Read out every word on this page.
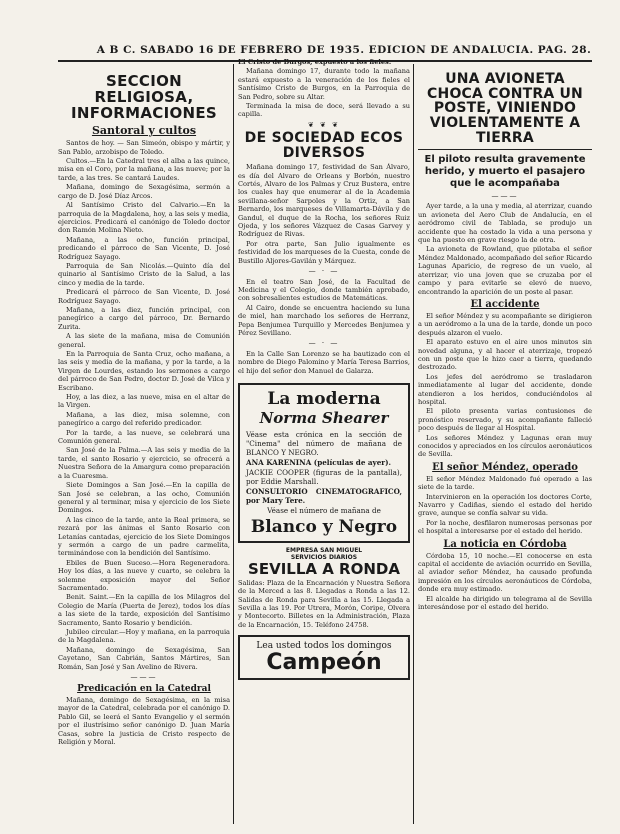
A B C. SABADO 16 DE FEBRERO DE 1935. EDICION DE ANDALUCIA. PAG. 28.
SECCION RELIGIOSA, INFORMACIONES
Santoral y cultos

Santos de hoy. — San Simeón, obispo y mártir, y San Pablo, arzobispo de Toledo.

Cultos.—En la Catedral tres el alba a las quince, misa en el Coro, por la mañana, a las nueve; por la tarde, a las tres. Se cantará Laudes.

Mañana, domingo de Sexagésima, sermón a cargo de D. José Díaz Arcos.

Al Santísimo Cristo del Calvario.—En la parroquia de la Magdalena, hoy, a las seis y media, ejercicios. Predicará el canónigo de Toledo doctor don Ramón Molina Nieto.

Mañana, a las ocho, función principal, predicando el párroco de San Vicente, D. José Rodríguez Sayago.

Parroquia de San Nicolás.—Quinto día del quinario al Santísimo Cristo de la Salud, a las cinco y media de la tarde.

Predicará el párroco de San Vicente, D. José Rodríguez Sayago.

Mañana, a las diez, función principal, con panegírico a cargo del párroco, Dr. Bernardo Zurita.

A las siete de la mañana, misa de Comunión general.

En la Parroquia de Santa Cruz, ocho mañana, a las seis y media de la mañana, y por la tarde, a la Virgen de Lourdes, estando los sermones a cargo del párroco de San Pedro, doctor D. José de Vilca y Escribano.

Hoy, a las diez, a las nueve, misa en el altar de la Virgen.

Mañana, a las diez, misa solemne, con panegírico a cargo del referido predicador.

Por la tarde, a las nueve, se celebrará una Comunión general.

San José de la Palma.—A las seis y media de la tarde, el santo Rosario y ejercicio, se ofrecerá a Nuestra Señora de la Amargura como preparación a la Cuaresma.

Siete Domingos a San José.—En la capilla de San José se celebran, a las ocho, Comunión general y al terminar, misa y ejercicio de los Siete Domingos.

A las cinco de la tarde, ante la Real primera, se rezará por las ánimas el Santo Rosario con Letanías cantadas, ejercicio de los Siete Domingos y sermón a cargo de un padre carmelita, terminándose con la bendición del Santísimo.

Ebiles de Buen Suceso.—Hora Regeneradora. Hoy los días, a las nueve y cuarto, se celebra la solemne exposición mayor del Señor Sacramentado.

Benit. Saint.—En la capilla de los Milagros del Colegio de María (Puerta de Jerez), todos los días a las siete de la tarde, exposición del Santísimo Sacramento, Santo Rosario y bendición.

Jubileo circular.—Hoy y mañana, en la parroquia de la Magdalena.

Mañana, domingo de Sexagésima, San Cayetano, San Cabrián, Santos Mártires, San Román, San José y San Avelino de Rivera.

———
Predicación en la Catedral

Mañana, domingo de Sexagésima, en la misa mayor de la Catedral, celebrada por el canónigo D. Pablo Gil, se leerá el Santo Evangelio y el sermón por el ilustrísimo señor canónigo D. Juan María Casas, sobre la justicia de Cristo respecto de Religión y Moral.

El Cristo de Burgos, expuesto a los fieles.

Mañana domingo 17, durante todo la mañana estará expuesto a la veneración de los fieles el Santísimo Cristo de Burgos, en la Parroquia de San Pedro, sobre su Altar.

Terminada la misa de doce, será llevado a su capilla.

❦ ❦ ❦
DE SOCIEDAD ECOS DIVERSOS

Mañana domingo 17, festividad de San Álvaro, es día del Alvaro de Orleans y Borbón, nuestro Cortés, Alvaro de los Palmas y Cruz Bustera, entre los cuales hay que enumerar al de la Academia sevillana-señor Sarpoles y la Ortiz, a San Bernardo, los marqueses de Villamarta-Dávila y de Gandul, el duque de la Rocha, los señores Ruiz Ojeda, y los señores Vázquez de Casas Garvey y Rodríguez de Rivas.

Por otra parte, San Julio igualmente es festividad de los marqueses de la Cuesta, conde de Bustillo Aljores-Gavilán y Márquez.

— · —

En el teatro San José, de la Facultad de Medicina y el Colegio, donde también aprobado, con sobresalientes estudios de Matemáticas.

Al Cairo, donde se encuentra haciendo su luna de miel, han marchado los señores de Herranz, Pepa Benjumea Turquillo y Mercedes Benjumea y Pérez Sevillano.

— · —

En la Calle San Lorenzo se ha bautizado con el nombre de Diego Palomino y María Teresa Barrios, el hijo del señor don Manuel de Galarza.

La moderna
Norma Shearer

Véase esta crónica en la sección de "Cinema" del número de mañana de BLANCO Y NEGRO.

ANA KARENINA (películas de ayer).

JACKIE COOPER (figuras de la pantalla), por Eddie Marshall.

CONSULTORIO CINEMATOGRAFICO, por Mary Tere.

Véase el número de mañana de

Blanco y Negro
EMPRESA SAN MIGUEL
SERVICIOS DIARIOS
SEVILLA A RONDA

Salidas: Plaza de la Encarnación y Nuestra Señora de la Merced a las 8. Llegadas a Ronda a las 12. Salidas de Ronda para Sevilla a las 15. Llegada a Sevilla a las 19. Por Utrera, Morón, Coripe, Olvera y Montecorto. Billetes en la Administración, Plaza de la Encarnación, 15. Teléfono 24758.

Lea usted todos los domingos
Campeón
UNA AVIONETA CHOCA CONTRA UN POSTE, VINIENDO VIOLENTAMENTE A TIERRA
El piloto resulta gravemente herido, y muerto el pasajero que le acompañaba
———

Ayer tarde, a la una y media, al aterrizar, cuando un avioneta del Aero Club de Andalucía, en el aeródromo civil de Tablada, se produjo un accidente que ha costado la vida a una persona y que ha puesto en grave riesgo la de otra.

La avioneta de Rowland, que pilotaba el señor Méndez Maldonado, acompañado del señor Ricardo Lagunas Aparicio, de regreso de un vuelo, al aterrizar, vio una joven que se cruzaba por el campo y para evitarle se elevó de nuevo, encontrando la aparición de un poste al pasar.

El accidente

El señor Méndez y su acompañante se dirigieron a un aeródromo a la una de la tarde, donde un poco después alzaron el vuelo.

El aparato estuvo en el aire unos minutos sin novedad alguna, y al hacer el aterrizaje, tropezó con un poste que le hizo caer a tierra, quedando destrozado.

Los jefes del aeródromo se trasladaron inmediatamente al lugar del accidente, donde atendieron a los heridos, conduciéndolos al hospital.

El piloto presenta varias contusiones de pronóstico reservado, y su acompañante falleció poco después de llegar al Hospital.

Los señores Méndez y Lagunas eran muy conocidos y apreciados en los círculos aeronáuticos de Sevilla.

El señor Méndez, operado

El señor Méndez Maldonado fué operado a las siete de la tarde.

Intervinieron en la operación los doctores Corte, Navarro y Cadiñas, siendo el estado del herido grave, aunque se confía salvar su vida.

Por la noche, desfilaron numerosas personas por el hospital a interesarse por el estado del herido.

La noticia en Córdoba

Córdoba 15, 10 noche.—El conocerse en esta capital el accidente de aviación ocurrido en Sevilla, al aviador señor Méndez, ha causado profunda impresión en los círculos aeronáuticos de Córdoba, donde era muy estimado.

El alcalde ha dirigido un telegrama al de Sevilla interesándose por el estado del herido.
